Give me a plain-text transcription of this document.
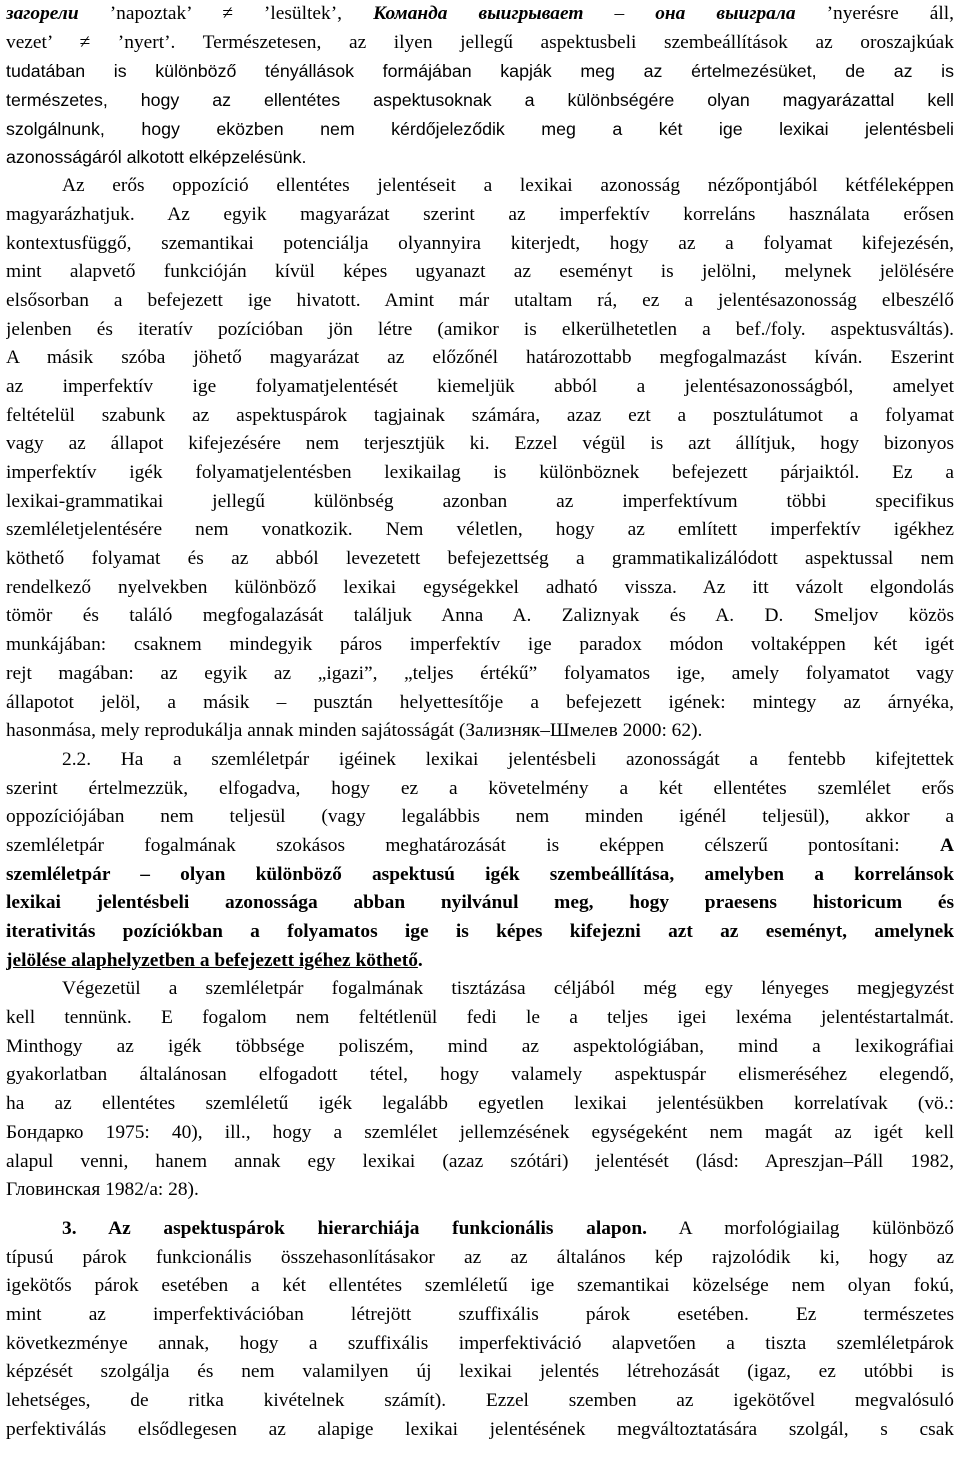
загорели ’napoztak’ ≠ ’lesültek’, Команда выигрывает – она выиграла ’nyerésre áll,
vezet’ ≠ ’nyert’. Természetesen, az ilyen jellegű aspektusbeli szembeállítások az oroszajkúak
tudatában is különböző tényállások formájában kapják meg az értelmezésüket, de az is
természetes, hogy az ellentétes aspektusoknak a különbségére olyan magyarázattal kell
szolgálnunk, hogy eközben nem kérdőjeleződik meg a két ige lexikai jelentésbeli
azonosságáról alkotott elképzelésünk.
Az erős oppozíció ellentétes jelentéseit a lexikai azonosság nézőpontjából kétféleképpen
magyarázhatjuk. Az egyik magyarázat szerint az imperfektív korreláns használata erősen
kontextusfüggő, szemantikai potenciálja olyannyira kiterjedt, hogy az a folyamat kifejezésén,
mint alapvető funkcióján kívül képes ugyanazt az eseményt is jelölni, melynek jelölésére
elsősorban a befejezett ige hivatott. Amint már utaltam rá, ez a jelentésazonosság elbeszélő
jelenben és iteratív pozícióban jön létre (amikor is elkerülhetetlen a bef./foly. aspektusváltás).
A másik szóba jöhető magyarázat az előzőnél határozottabb megfogalmazást kíván. Eszerint
az imperfektív ige folyamatjelentését kiemeljük abból a jelentésazonosságból, amelyet
feltételül szabunk az aspektuspárok tagjainak számára, azaz ezt a posztulátumot a folyamat
vagy az állapot kifejezésére nem terjesztjük ki. Ezzel végül is azt állítjuk, hogy bizonyos
imperfektív igék folyamatjelentésben lexikailag is különböznek befejezett párjaiktól. Ez a
lexikai-grammatikai jellegű különbség azonban az imperfektívum többi specifikus
szemléletjelentésére nem vonatkozik. Nem véletlen, hogy az említett imperfektív igékhez
köthető folyamat és az abból levezetett befejezettség a grammatikalizálódott aspektussal nem
rendelkező nyelvekben különböző lexikai egységekkel adható vissza. Az itt vázolt elgondolás
tömör és találó megfogalazását találjuk Anna A. Zaliznyak és A. D. Smeljov közös
munkájában: csaknem mindegyik páros imperfektív ige paradox módon voltaképpen két igét
rejt magában: az egyik az „igazi”, „teljes értékű” folyamatos ige, amely folyamatot vagy
állapotot jelöl, a másik – pusztán helyettesítője a befejezett igének: mintegy az árnyéka,
hasonmása, mely reprodukálja annak minden sajátosságát (Зализняк–Шмелев 2000: 62).
2.2. Ha a szemléletpár igéinek lexikai jelentésbeli azonosságát a fentebb kifejtettek
szerint értelmezzük, elfogadva, hogy ez a követelmény a két ellentétes szemlélet erős
oppozíciójában nem teljesül (vagy legalábbis nem minden igénél teljesül), akkor a
szemléletpár fogalmának szokásos meghatározását is eképpen célszerű pontosítani: A
szemléletpár – olyan különböző aspektusú igék szembeállítása, amelyben a korrelánsok
lexikai jelentésbeli azonossága abban nyilvánul meg, hogy praesens historicum és
iterativitás pozíciókban a folyamatos ige is képes kifejezni azt az eseményt, amelynek
jelölése alaphelyzetben a befejezett igéhez köthető.
Végezetül a szemléletpár fogalmának tisztázása céljából még egy lényeges megjegyzést
kell tennünk. E fogalom nem feltétlenül fedi le a teljes igei lexéma jelentéstartalmát.
Minthogy az igék többsége poliszém, mind az aspektológiában, mind a lexikográfiai
gyakorlatban általánosan elfogadott tétel, hogy valamely aspektuspár elismeréséhez elegendő,
ha az ellentétes szemléletű igék legalább egyetlen lexikai jelentésükben korrelatívak (vö.:
Бондарко 1975: 40), ill., hogy a szemlélet jellemzésének egységeként nem magát az igét kell
alapul venni, hanem annak egy lexikai (azaz szótári) jelentését (lásd: Apreszjan–Páll 1982,
Гловинская 1982/a: 28).
3. Az aspektuspárok hierarchiája funkcionális alapon. A morfológiailag különböző
típusú párok funkcionális összehasonlításakor az az általános kép rajzolódik ki, hogy az
igekötős párok esetében a két ellentétes szemléletű ige szemantikai közelsége nem olyan fokú,
mint az imperfektivációban létrejött szuffixális párok esetében. Ez természetes
következménye annak, hogy a szuffixális imperfektiváció alapvetően a tiszta szemléletpárok
képzését szolgálja és nem valamilyen új lexikai jelentés létrehozását (igaz, ez utóbbi is
lehetséges, de ritka kivételnek számít). Ezzel szemben az igekötővel megvalósuló
perfektiválás elsődlegesen az alapige lexikai jelentésének megváltoztatására szolgál, s csak
